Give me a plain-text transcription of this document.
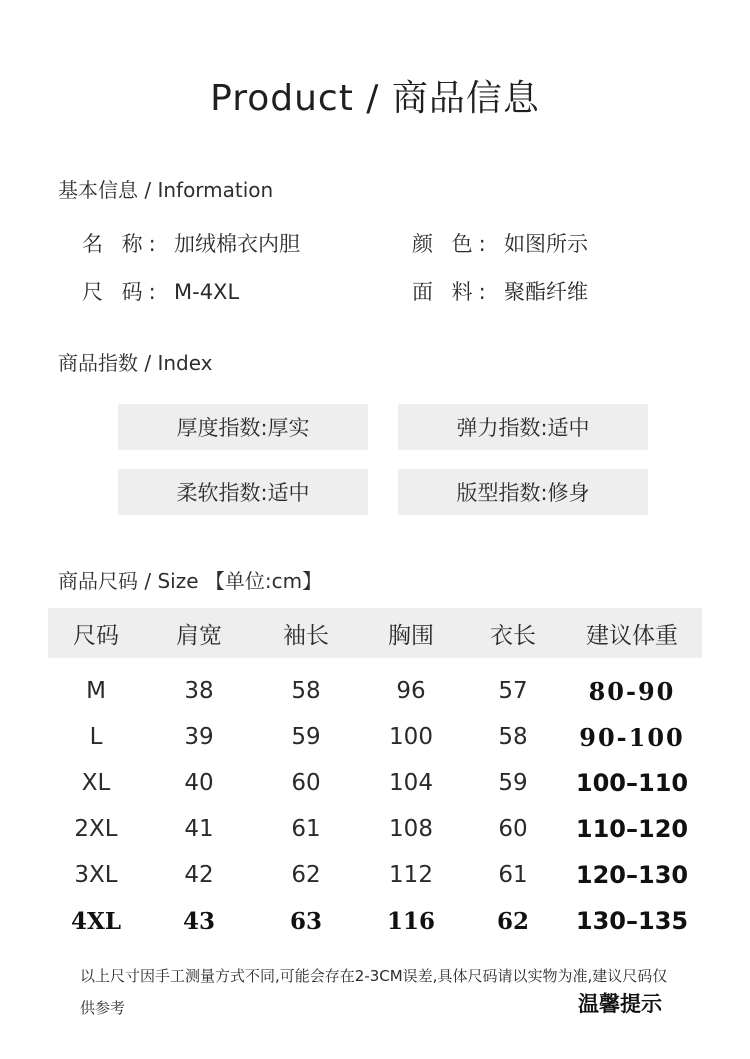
Product / 商品信息
基本信息 / Information
名 称: 加绒棉衣内胆	颜 色: 如图所示
尺 码: M-4XL	面 料: 聚酯纤维
商品指数 / Index
厚度指数:厚实	弹力指数:适中
柔软指数:适中	版型指数:修身
商品尺码 / Size 【单位:cm】
尺码	肩宽	袖长	胸围	衣长	建议体重
M	38	58	96	57	80-90
L	39	59	100	58	90-100
XL	40	60	104	59	100–110
2XL	41	61	108	60	110–120
3XL	42	62	112	61	120–130
4XL	43	63	116	62	130–135
以上尺寸因手工测量方式不同,可能会存在2-3CM误差,具体尺码请以实物为准,建议尺码仅供参考	温馨提示
